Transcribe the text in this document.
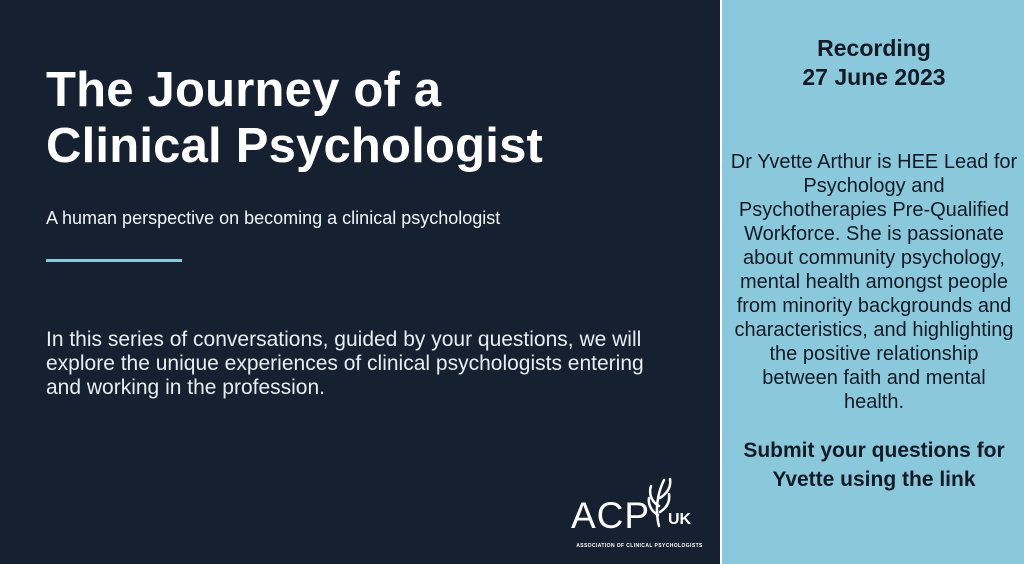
The Journey of a
Clinical Psychologist

A human perspective on becoming a clinical psychologist

In this series of conversations, guided by your questions, we will explore the unique experiences of clinical psychologists entering and working in the profession.

ACP UK
ASSOCIATION OF CLINICAL PSYCHOLOGISTS
Recording
27 June 2023

Dr Yvette Arthur is HEE Lead for Psychology and Psychotherapies Pre-Qualified Workforce. She is passionate about community psychology, mental health amongst people from minority backgrounds and characteristics, and highlighting the positive relationship between faith and mental health.

Submit your questions for Yvette using the link
